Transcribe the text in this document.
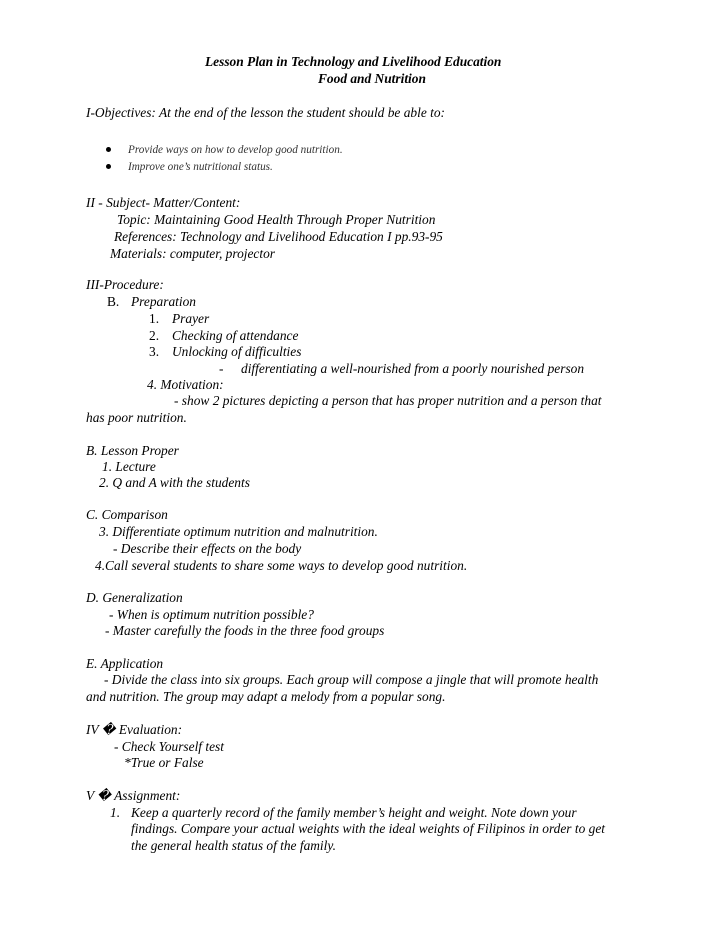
Lesson Plan in Technology and Livelihood Education
Food and Nutrition
I-Objectives: At the end of the lesson the student should be able to:
Provide ways on how to develop good nutrition.
Improve one’s nutritional status.
II - Subject- Matter/Content:
Topic: Maintaining Good Health Through Proper Nutrition
References: Technology and Livelihood Education I pp.93-95
Materials: computer, projector
III-Procedure:
B. Preparation
1. Prayer
2. Checking of attendance
3. Unlocking of difficulties
- differentiating a well-nourished from a poorly nourished person
4. Motivation:
- show 2 pictures depicting a person that has proper nutrition and a person that
has poor nutrition.
B. Lesson Proper
1. Lecture
2. Q and A with the students
C. Comparison
3. Differentiate optimum nutrition and malnutrition.
- Describe their effects on the body
4.Call several students to share some ways to develop good nutrition.
D. Generalization
- When is optimum nutrition possible?
- Master carefully the foods in the three food groups
E. Application
- Divide the class into six groups. Each group will compose a jingle that will promote health
and nutrition. The group may adapt a melody from a popular song.
IV � Evaluation:
- Check Yourself test
*True or False
V � Assignment:
1. Keep a quarterly record of the family member’s height and weight. Note down your
findings. Compare your actual weights with the ideal weights of Filipinos in order to get
the general health status of the family.
